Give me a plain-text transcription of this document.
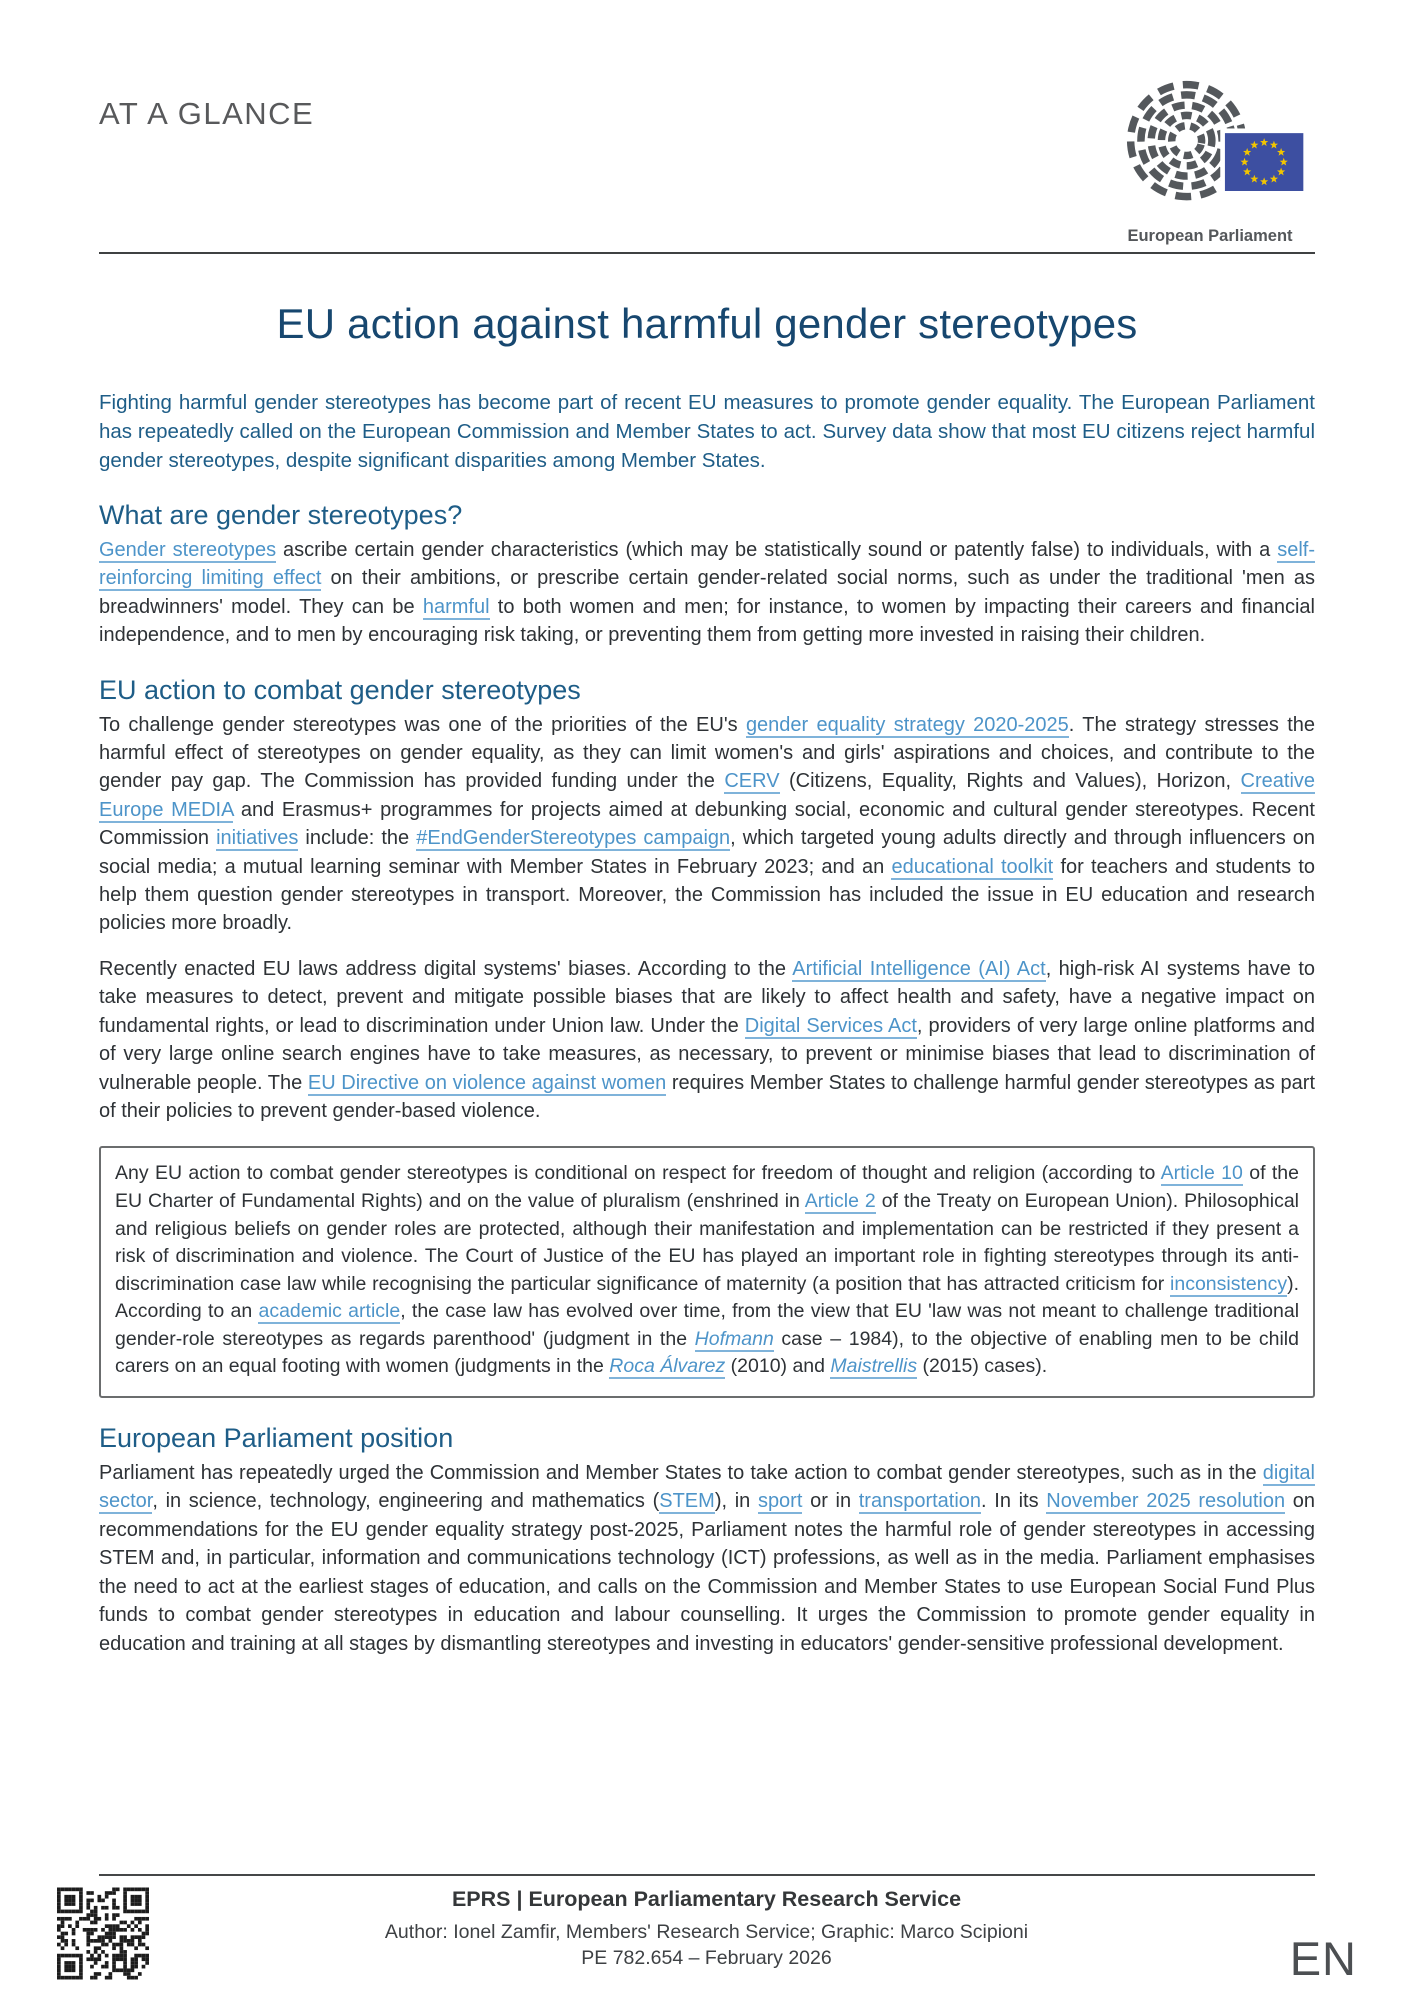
AT A GLANCE
European Parliament
EU action against harmful gender stereotypes

Fighting harmful gender stereotypes has become part of recent EU measures to promote gender equality. The European Parliament has repeatedly called on the European Commission and Member States to act. Survey data show that most EU citizens reject harmful gender stereotypes, despite significant disparities among Member States.

What are gender stereotypes?

Gender stereotypes ascribe certain gender characteristics (which may be statistically sound or patently false) to individuals, with a self-reinforcing limiting effect on their ambitions, or prescribe certain gender-related social norms, such as under the traditional 'men as breadwinners' model. They can be harmful to both women and men; for instance, to women by impacting their careers and financial independence, and to men by encouraging risk taking, or preventing them from getting more invested in raising their children.

EU action to combat gender stereotypes

To challenge gender stereotypes was one of the priorities of the EU's gender equality strategy 2020-2025. The strategy stresses the harmful effect of stereotypes on gender equality, as they can limit women's and girls' aspirations and choices, and contribute to the gender pay gap. The Commission has provided funding under the CERV (Citizens, Equality, Rights and Values), Horizon, Creative Europe MEDIA and Erasmus+ programmes for projects aimed at debunking social, economic and cultural gender stereotypes. Recent Commission initiatives include: the #EndGenderStereotypes campaign, which targeted young adults directly and through influencers on social media; a mutual learning seminar with Member States in February 2023; and an educational toolkit for teachers and students to help them question gender stereotypes in transport. Moreover, the Commission has included the issue in EU education and research policies more broadly.

Recently enacted EU laws address digital systems' biases. According to the Artificial Intelligence (AI) Act, high-risk AI systems have to take measures to detect, prevent and mitigate possible biases that are likely to affect health and safety, have a negative impact on fundamental rights, or lead to discrimination under Union law. Under the Digital Services Act, providers of very large online platforms and of very large online search engines have to take measures, as necessary, to prevent or minimise biases that lead to discrimination of vulnerable people. The EU Directive on violence against women requires Member States to challenge harmful gender stereotypes as part of their policies to prevent gender-based violence.

Any EU action to combat gender stereotypes is conditional on respect for freedom of thought and religion (according to Article 10 of the EU Charter of Fundamental Rights) and on the value of pluralism (enshrined in Article 2 of the Treaty on European Union). Philosophical and religious beliefs on gender roles are protected, although their manifestation and implementation can be restricted if they present a risk of discrimination and violence. The Court of Justice of the EU has played an important role in fighting stereotypes through its anti-discrimination case law while recognising the particular significance of maternity (a position that has attracted criticism for inconsistency). According to an academic article, the case law has evolved over time, from the view that EU 'law was not meant to challenge traditional gender-role stereotypes as regards parenthood' (judgment in the Hofmann case – 1984), to the objective of enabling men to be child carers on an equal footing with women (judgments in the Roca Álvarez (2010) and Maistrellis (2015) cases).

European Parliament position

Parliament has repeatedly urged the Commission and Member States to take action to combat gender stereotypes, such as in the digital sector, in science, technology, engineering and mathematics (STEM), in sport or in transportation. In its November 2025 resolution on recommendations for the EU gender equality strategy post-2025, Parliament notes the harmful role of gender stereotypes in accessing STEM and, in particular, information and communications technology (ICT) professions, as well as in the media. Parliament emphasises the need to act at the earliest stages of education, and calls on the Commission and Member States to use European Social Fund Plus funds to combat gender stereotypes in education and labour counselling. It urges the Commission to promote gender equality in education and training at all stages by dismantling stereotypes and investing in educators' gender-sensitive professional development.

EPRS | European Parliamentary Research Service
Author: Ionel Zamfir, Members' Research Service; Graphic: Marco Scipioni
PE 782.654 – February 2026	EN
